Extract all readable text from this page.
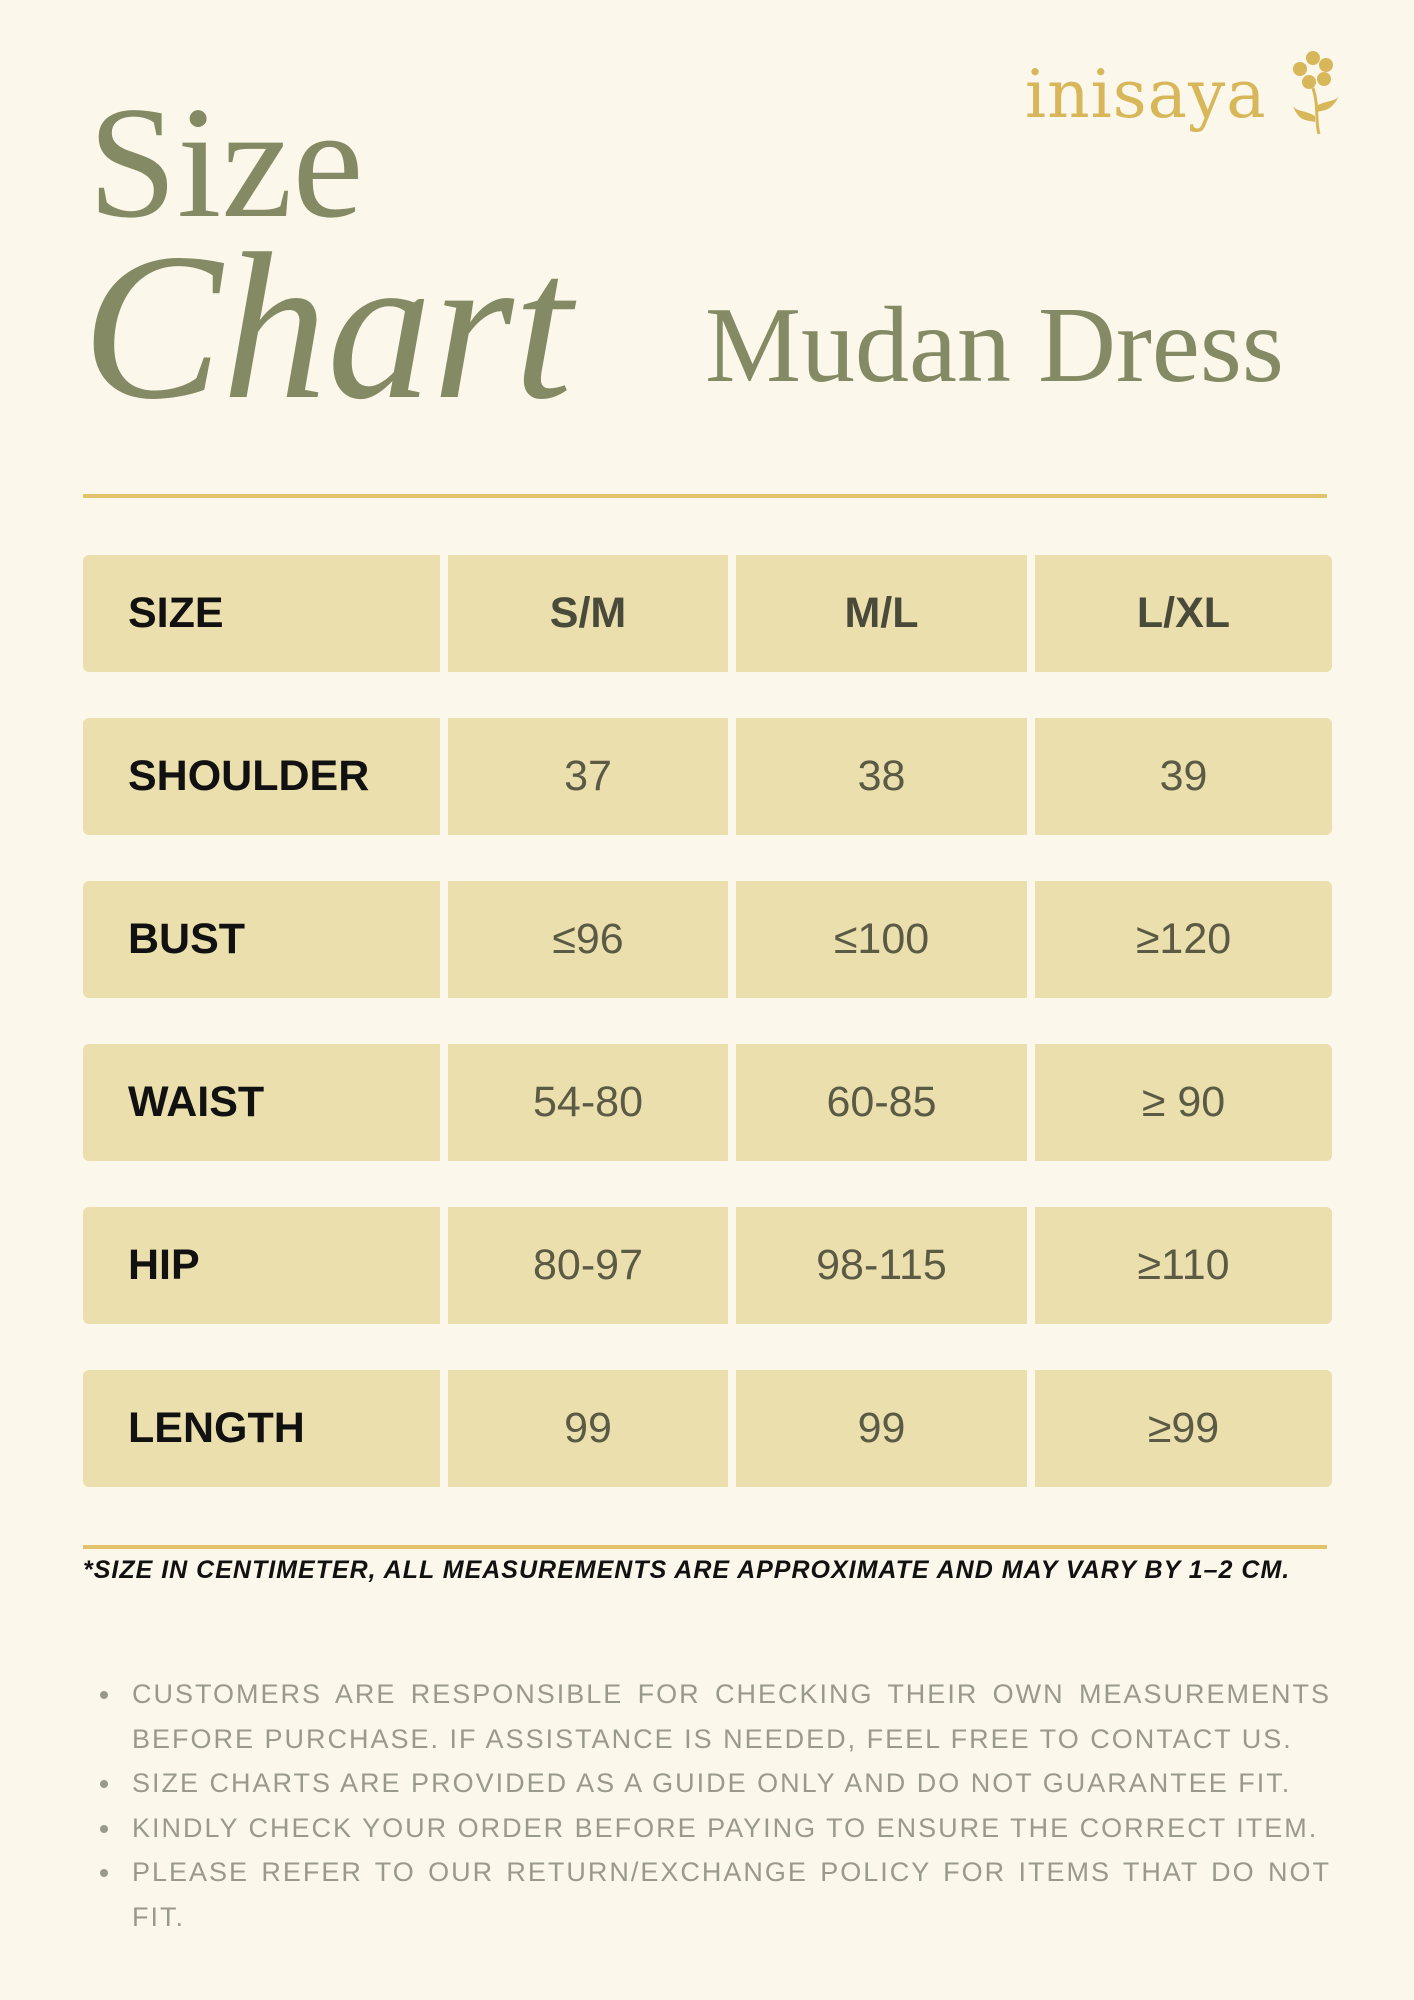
inisaya
Size
Chart Mudan Dress
SIZE	S/M	M/L	L/XL
SHOULDER	37	38	39
BUST	≤96	≤100	≥120
WAIST	54-80	60-85	≥ 90
HIP	80-97	98-115	≥110
LENGTH	99	99	≥99
*SIZE IN CENTIMETER, ALL MEASUREMENTS ARE APPROXIMATE AND MAY VARY BY 1–2 CM.
CUSTOMERS ARE RESPONSIBLE FOR CHECKING THEIR OWN MEASUREMENTS BEFORE PURCHASE. IF ASSISTANCE IS NEEDED, FEEL FREE TO CONTACT US.
SIZE CHARTS ARE PROVIDED AS A GUIDE ONLY AND DO NOT GUARANTEE FIT.
KINDLY CHECK YOUR ORDER BEFORE PAYING TO ENSURE THE CORRECT ITEM.
PLEASE REFER TO OUR RETURN/EXCHANGE POLICY FOR ITEMS THAT DO NOT FIT.
